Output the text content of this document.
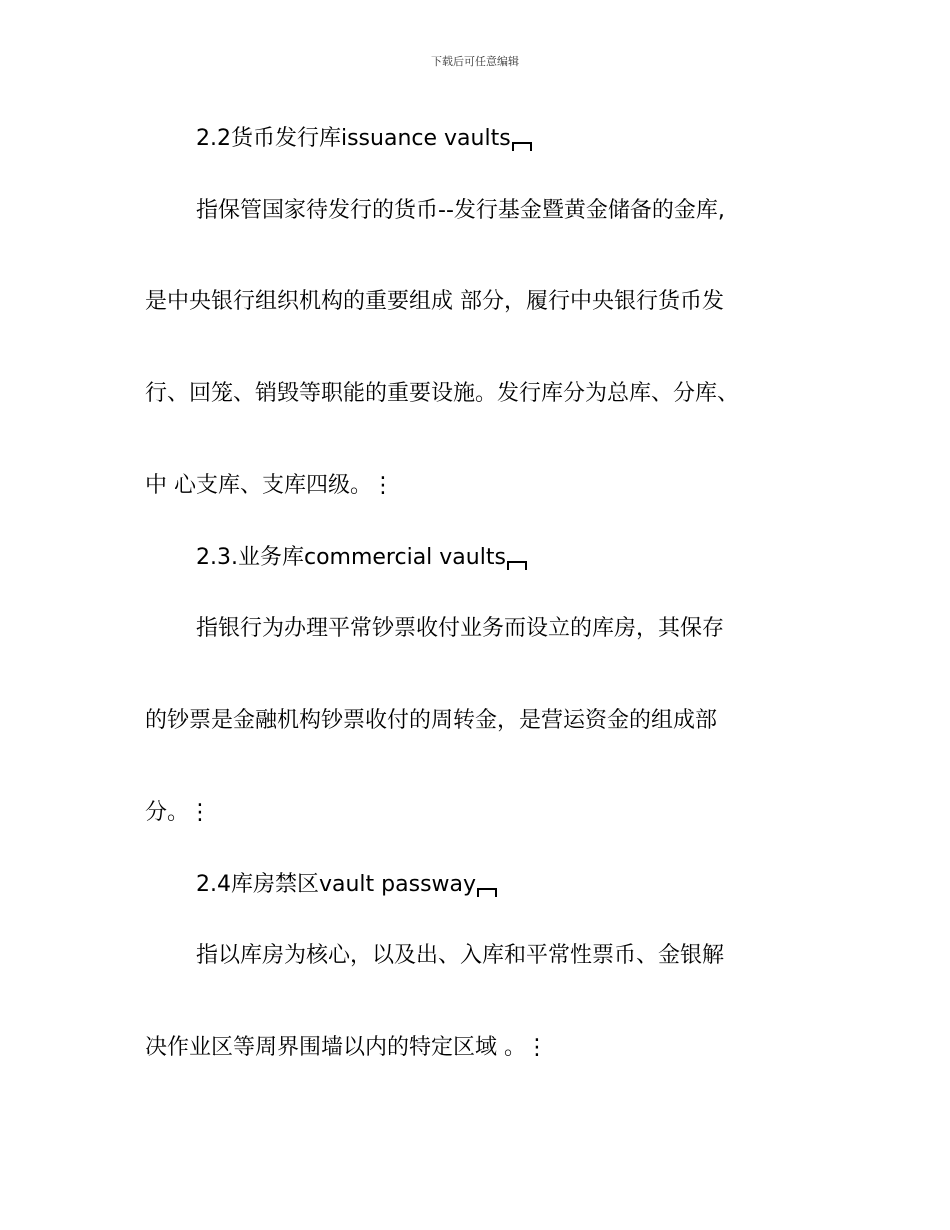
下载后可任意编辑
2.2货币发行库issuance vaults
指保管国家待发行的货币--发行基金暨黄金储备的金库,
是中央银行组织机构的重要组成 部分，履行中央银行货币发
行、回笼、销毁等职能的重要设施。发行库分为总库、分库、
中 心支库、支库四级。⋮
2.3.业务库commercial vaults
指银行为办理平常钞票收付业务而设立的库房，其保存
的钞票是金融机构钞票收付的周转金，是营运资金的组成部
分。⋮
2.4库房禁区vault passway
指以库房为核心，以及出、入库和平常性票币、金银解
决作业区等周界围墙以内的特定区域 。⋮
